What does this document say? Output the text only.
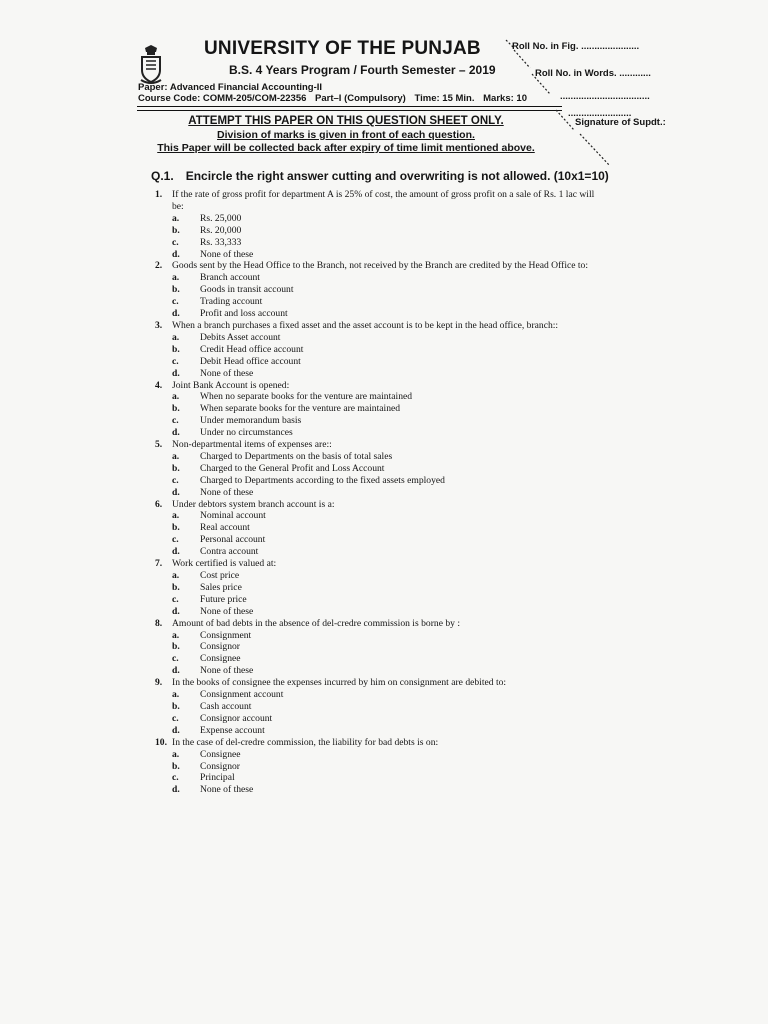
UNIVERSITY OF THE PUNJAB
B.S. 4 Years Program / Fourth Semester – 2019
Paper: Advanced Financial Accounting-II
Course Code: COMM-205/COM-22356 Part–I (Compulsory) Time: 15 Min. Marks: 10
Roll No. in Fig. ......................
Roll No. in Words. ............
..................................
........................
Signature of Supdt.:
ATTEMPT THIS PAPER ON THIS QUESTION SHEET ONLY.
Division of marks is given in front of each question.
This Paper will be collected back after expiry of time limit mentioned above.
Q.1. Encircle the right answer cutting and overwriting is not allowed. (10x1=10)
1. If the rate of gross profit for department A is 25% of cost, the amount of gross profit on a sale of Rs. 1 lac will be:
a. Rs. 25,000
b. Rs. 20,000
c. Rs. 33,333
d. None of these
2. Goods sent by the Head Office to the Branch, not received by the Branch are credited by the Head Office to:
a. Branch account
b. Goods in transit account
c. Trading account
d. Profit and loss account
3. When a branch purchases a fixed asset and the asset account is to be kept in the head office, branch::
a. Debits Asset account
b. Credit Head office account
c. Debit Head office account
d. None of these
4. Joint Bank Account is opened:
a. When no separate books for the venture are maintained
b. When separate books for the venture are maintained
c. Under memorandum basis
d. Under no circumstances
5. Non-departmental items of expenses are::
a. Charged to Departments on the basis of total sales
b. Charged to the General Profit and Loss Account
c. Charged to Departments according to the fixed assets employed
d. None of these
6. Under debtors system branch account is a:
a. Nominal account
b. Real account
c. Personal account
d. Contra account
7. Work certified is valued at:
a. Cost price
b. Sales price
c. Future price
d. None of these
8. Amount of bad debts in the absence of del-credre commission is borne by :
a. Consignment
b. Consignor
c. Consignee
d. None of these
9. In the books of consignee the expenses incurred by him on consignment are debited to:
a. Consignment account
b. Cash account
c. Consignor account
d. Expense account
10. In the case of del-credre commission, the liability for bad debts is on:
a. Consignee
b. Consignor
c. Principal
d. None of these
